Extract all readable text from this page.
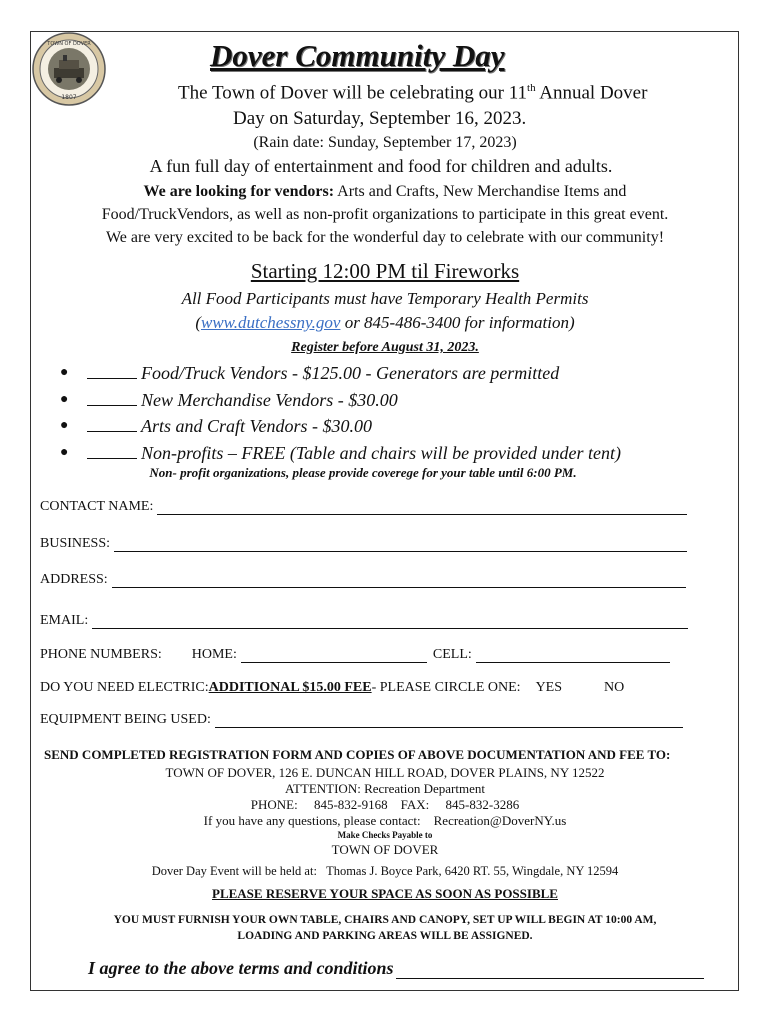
TOWN OF DOVER
1807
Dover Community Day
The Town of Dover will be celebrating our 11th Annual Dover
Day on Saturday, September 16, 2023.
(Rain date: Sunday, September 17, 2023)
A fun full day of entertainment and food for children and adults.
We are looking for vendors: Arts and Crafts, New Merchandise Items and
Food/TruckVendors, as well as non-profit organizations to participate in this great event.
We are very excited to be back for the wonderful day to celebrate with our community!
Starting 12:00 PM til Fireworks
All Food Participants must have Temporary Health Permits
(www.dutchessny.gov or 845-486-3400 for information)
Register before August 31, 2023.
●	Food/Truck Vendors - $125.00 - Generators are permitted
●	New Merchandise Vendors - $30.00
●	Arts and Craft Vendors - $30.00
●	Non-profits – FREE (Table and chairs will be provided under tent)
Non- profit organizations, please provide coverege for your table until 6:00 PM.
CONTACT NAME:
BUSINESS:
ADDRESS:
EMAIL:
PHONE NUMBERS: HOME:	CELL:
DO YOU NEED ELECTRIC: ADDITIONAL $15.00 FEE - PLEASE CIRCLE ONE: YES	NO
EQUIPMENT BEING USED:
SEND COMPLETED REGISTRATION FORM AND COPIES OF ABOVE DOCUMENTATION AND FEE TO:
TOWN OF DOVER, 126 E. DUNCAN HILL ROAD, DOVER PLAINS, NY 12522
ATTENTION: Recreation Department
PHONE:     845-832-9168    FAX:     845-832-3286
If you have any questions, please contact:    Recreation@DoverNY.us
Make Checks Payable to
TOWN OF DOVER
Dover Day Event will be held at:   Thomas J. Boyce Park, 6420 RT. 55, Wingdale, NY 12594
PLEASE RESERVE YOUR SPACE AS SOON AS POSSIBLE
YOU MUST FURNISH YOUR OWN TABLE, CHAIRS AND CANOPY, SET UP WILL BEGIN AT 10:00 AM,
LOADING AND PARKING AREAS WILL BE ASSIGNED.
I agree to the above terms and conditions
